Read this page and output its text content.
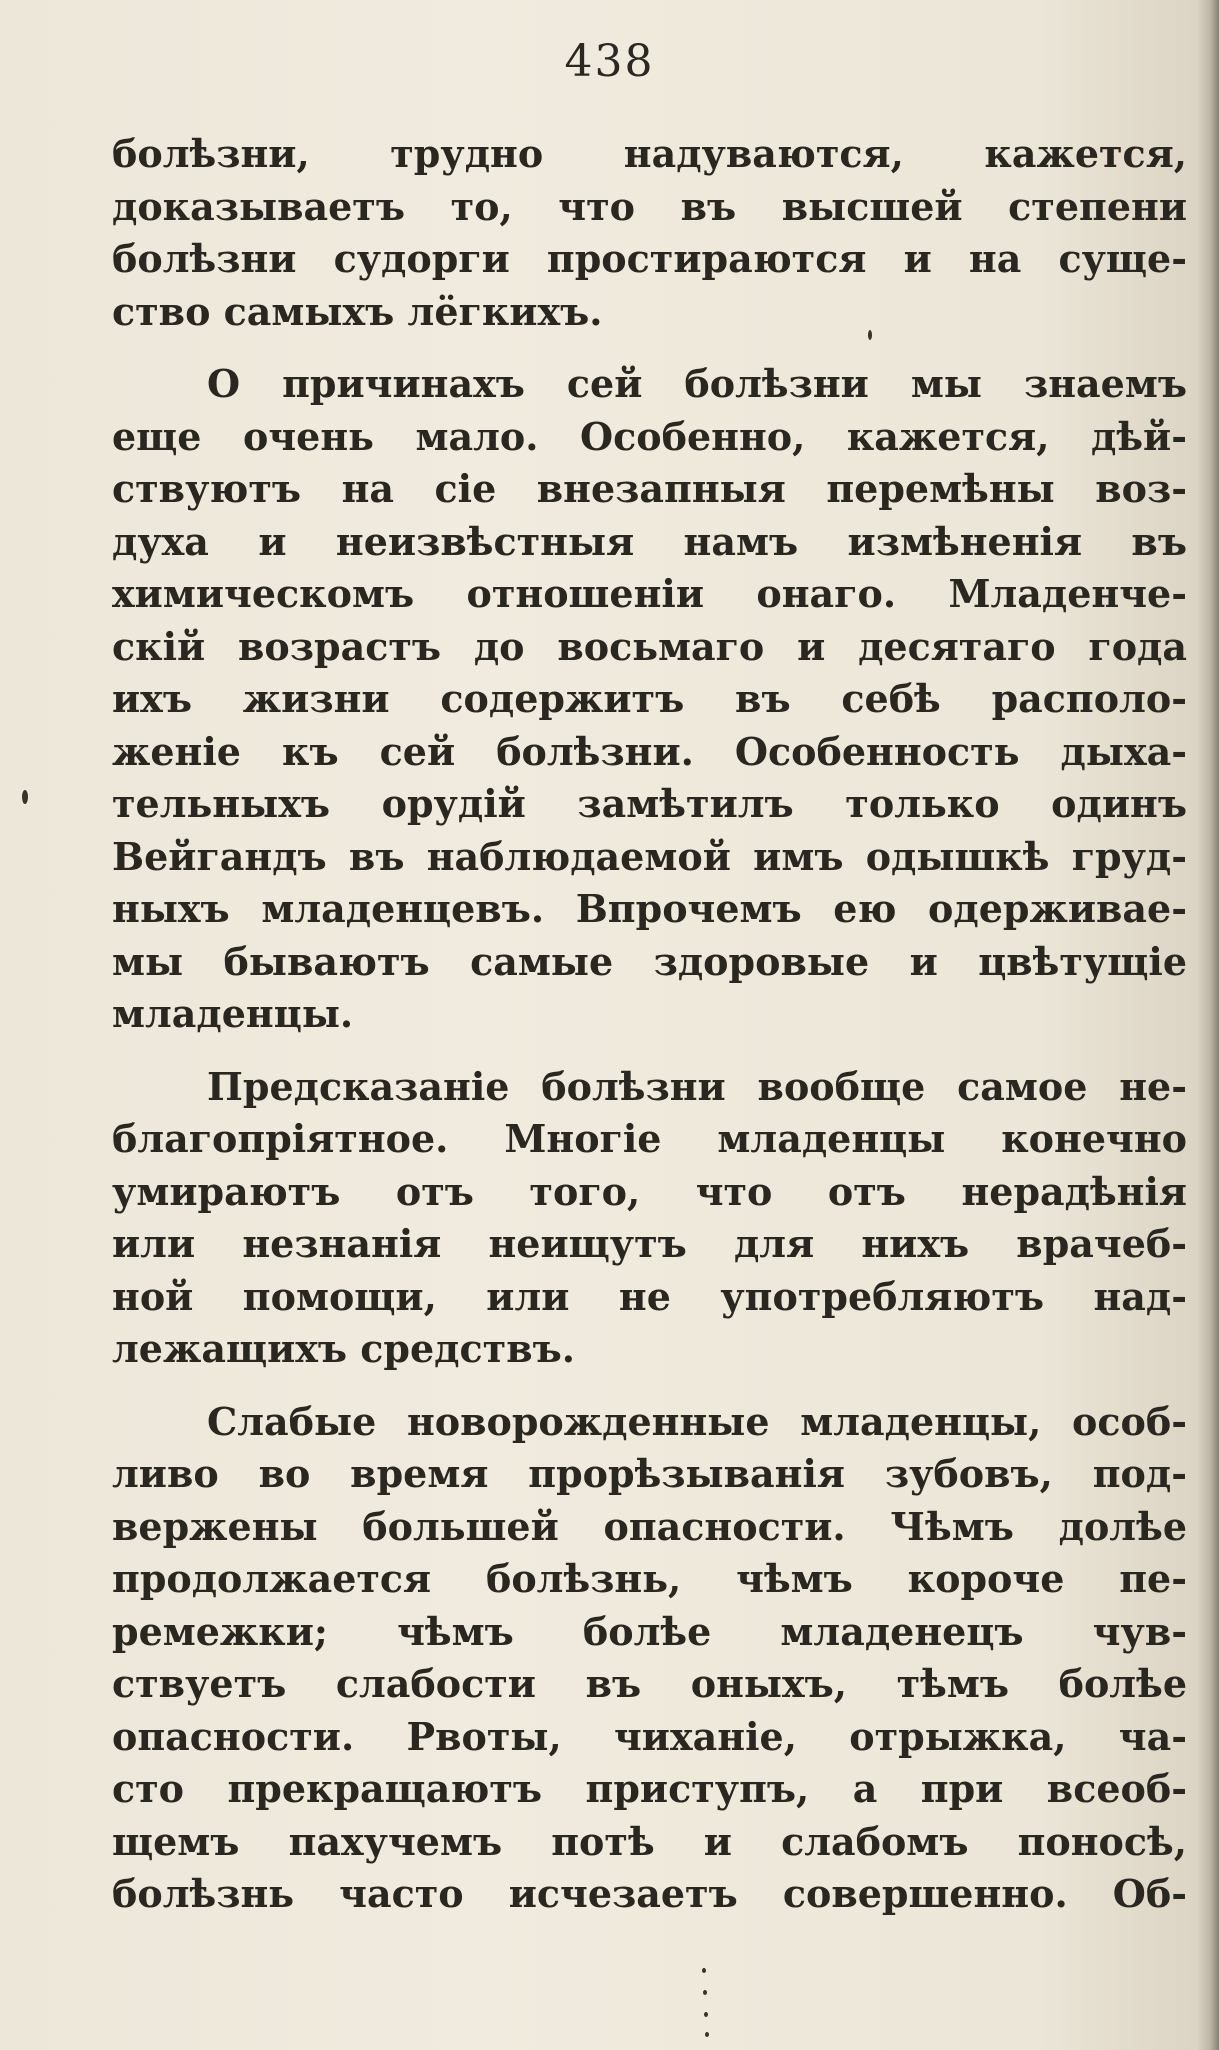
438
болѣзни, трудно надуваются, кажется,
доказываетъ то, что въ высшей степени
болѣзни судорги простираются и на суще-
ство самыхъ лёгкихъ.
О причинахъ сей болѣзни мы знаемъ
еще очень мало. Особенно, кажется, дѣй-
ствуютъ на сіе внезапныя перемѣны воз-
духа и неизвѣстныя намъ измѣненія въ
химическомъ отношеніи онаго. Младенче-
скій возрастъ до восьмаго и десятаго года
ихъ жизни содержитъ въ себѣ располо-
женіе къ сей болѣзни. Особенность дыха-
тельныхъ орудій замѣтилъ только одинъ
Вейгандъ въ наблюдаемой имъ одышкѣ груд-
ныхъ младенцевъ. Впрочемъ ею одерживае-
мы бываютъ самые здоровые и цвѣтущіе
младенцы.
Предсказаніе болѣзни вообще самое не-
благопріятное. Многіе младенцы конечно
умираютъ отъ того, что отъ нерадѣнія
или незнанія неищутъ для нихъ врачеб-
ной помощи, или не употребляютъ над-
лежащихъ средствъ.
Слабые новорожденные младенцы, особ-
ливо во время прорѣзыванія зубовъ, под-
вержены большей опасности. Чѣмъ долѣе
продолжается болѣзнь, чѣмъ короче пе-
ремежки; чѣмъ болѣе младенецъ чув-
ствуетъ слабости въ оныхъ, тѣмъ болѣе
опасности. Рвоты, чиханіе, отрыжка, ча-
сто прекращаютъ приступъ, а при всеоб-
щемъ пахучемъ потѣ и слабомъ поносѣ,
болѣзнь часто исчезаетъ совершенно. Об-
